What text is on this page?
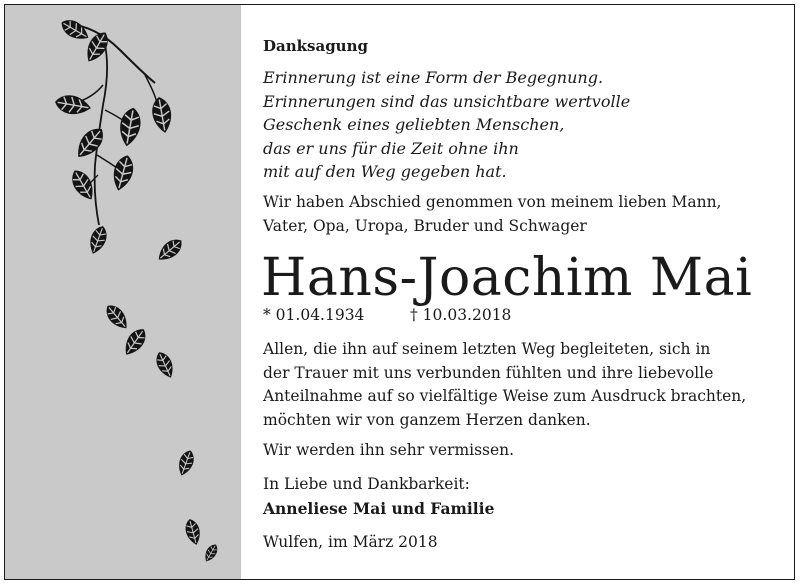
Danksagung
Erinnerung ist eine Form der Begegnung.
Erinnerungen sind das unsichtbare wertvolle
Geschenk eines geliebten Menschen,
das er uns für die Zeit ohne ihn
mit auf den Weg gegeben hat.
Wir haben Abschied genommen von meinem lieben Mann,
Vater, Opa, Uropa, Bruder und Schwager
Hans-Joachim Mai
* 01.04.1934	† 10.03.2018
Allen, die ihn auf seinem letzten Weg begleiteten, sich in
der Trauer mit uns verbunden fühlten und ihre liebevolle
Anteilnahme auf so vielfältige Weise zum Ausdruck brachten,
möchten wir von ganzem Herzen danken.
Wir werden ihn sehr vermissen.
In Liebe und Dankbarkeit:
Anneliese Mai und Familie
Wulfen, im März 2018
